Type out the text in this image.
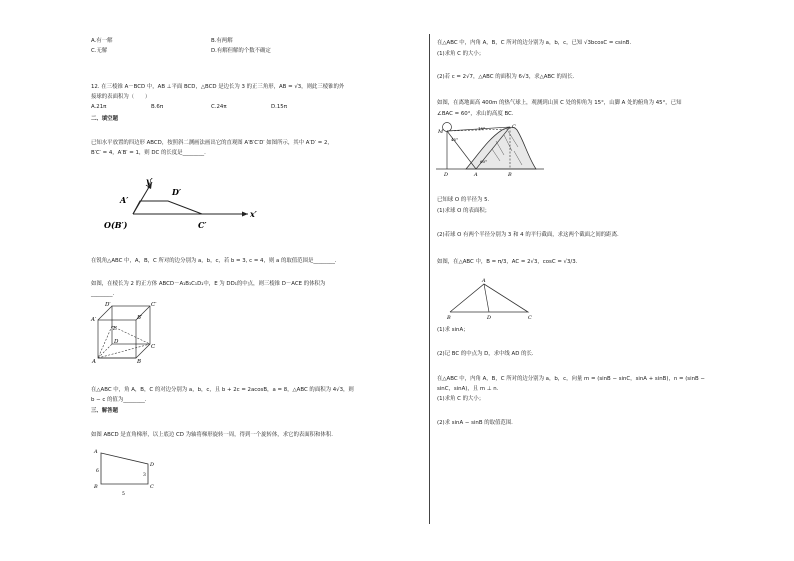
A.有一解	B.有两解
C.无解	D.有解但解的个数不确定
12. 在三棱锥 A－BCD 中，AB ⊥平面 BCD，△BCD 是边长为 3 的正三角形，AB = √3，则此三棱锥的外
接球的表面积为（　　）
A.21π	B.6π	C.24π	D.15π
二、填空题
已知水平放置的四边形 ABCD，按照斜二测画法画出它的直观图 A′B′C′D′ 如图所示，其中 A′D′ = 2，
B′C′ = 4，A′B′ = 1，则 DC 的长度是________.
y′
x′
A′
D′
O(B′)	C′
在锐角△ABC 中，A，B，C 所对的边分别为 a，b，c，若 b = 3, c = 4，则 a 的取值范围是________.
如图，在棱长为 2 的正方体 ABCD－A₁B₁C₁D₁中，E 为 DD₁的中点，则三棱锥 D－ACE 的体积为
________.
D′	C′
A′	B′
E
D
C
A	B
在△ABC 中，角 A，B，C 的对边分别为 a，b，c，且 b + 2c = 2acosB，a = 8，△ABC 的面积为 4√3，则
b − c 的值为________.
三、解答题
如图 ABCD 是直角梯形，以上底边 CD 为轴将梯形旋转一周，得到一个旋转体，求它的表面积和体积.
A
D
C
B
6
3
5
在△ABC 中，内角 A，B，C 所对的边分别为 a，b，c，已知 √3bcosC = csinB.
(1)求角 C 的大小；
(2)若 c = 2√7，△ABC 的面积为 6√3，求△ABC 的周长.
如图，在离地面高 400m 的热气球上，观测到山顶 C 处的仰角为 15°，山脚 A 处的俯角为 45°，已知
∠BAC = 60°，求山的高度 BC.
M
D	A	B
C
15°
45°
60°
已知球 O 的半径为 5.
(1)求球 O 的表面积；
(2)若球 O 有两个半径分别为 3 和 4 的平行截面，求这两个截面之间的距离.
如图，在△ABC 中，B = π/3，AC = 2√3，cosC = √3/3.
A
B	D	C
(1)求 sinA；
(2)记 BC 的中点为 D，求中线 AD 的长.
在△ABC 中，内角 A，B，C 所对的边分别为 a，b，c，向量 m = (sinB − sinC，sinA + sinB)，n = (sinB −
sinC，sinA)，且 m ⊥ n.
(1)求角 C 的大小；
(2)求 sinA − sinB 的取值范围.
